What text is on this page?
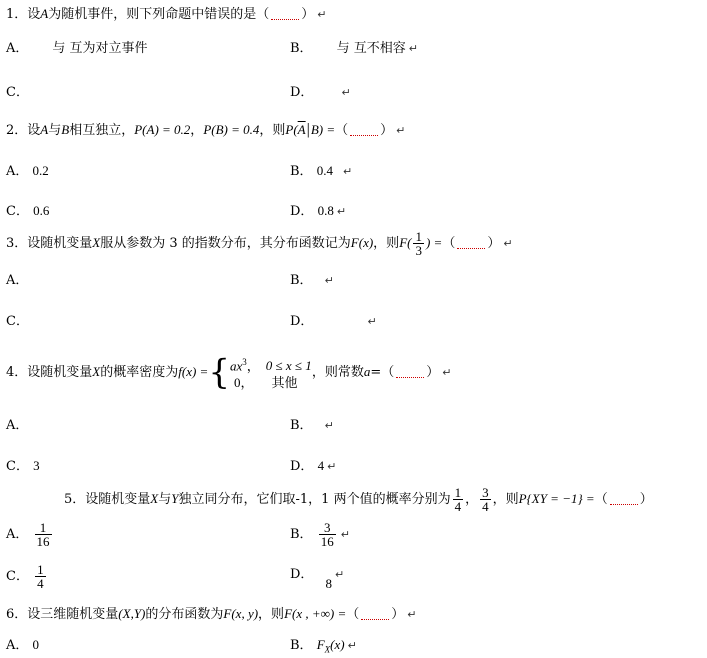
1．设A为随机事件，则下列命题中错误的是（ ） ↵
A． 与 互为对立事件	B． 与 互不相容 ↵
C．	D．	↵
2．设A与B相互独立，P(A) = 0.2，P(B) = 0.4，则$P(\overline{A}|B)$ =（ ） ↵
A． 0.2	B． 0.4 ↵
C． 0.6	D． 0.8 ↵
3．设随机变量X服从参数为 3 的指数分布，其分布函数记为F(x)，则$F( \frac{1}{3}$ ) =（ ） ↵
A．	B． ↵
C．	D．	↵
4．设随机变量X的概率密度为f(x) ={ $ax^3$， 0 ≤ x ≤ 1
0， 其他
，则常数a=（ ） ↵
A．	B． ↵
C． 3	D． 4 ↵
5．设随机变量X与Y独立同分布，它们取-1，1 两个值的概率分别为 $\frac{1}{4}$ ， $\frac{3}{4}$ ，则P{XY = −1} =（ ）
A． $\frac{1}{16}$	B． $\frac{3}{16}$ ↵
C． $\frac{1}{4}$	D．8↵
6．设三维随机变量(X,Y)的分布函数为F(x, y)，则F(x , +∞) =（ ） ↵
A． 0	B． $F_X(x)$ ↵
